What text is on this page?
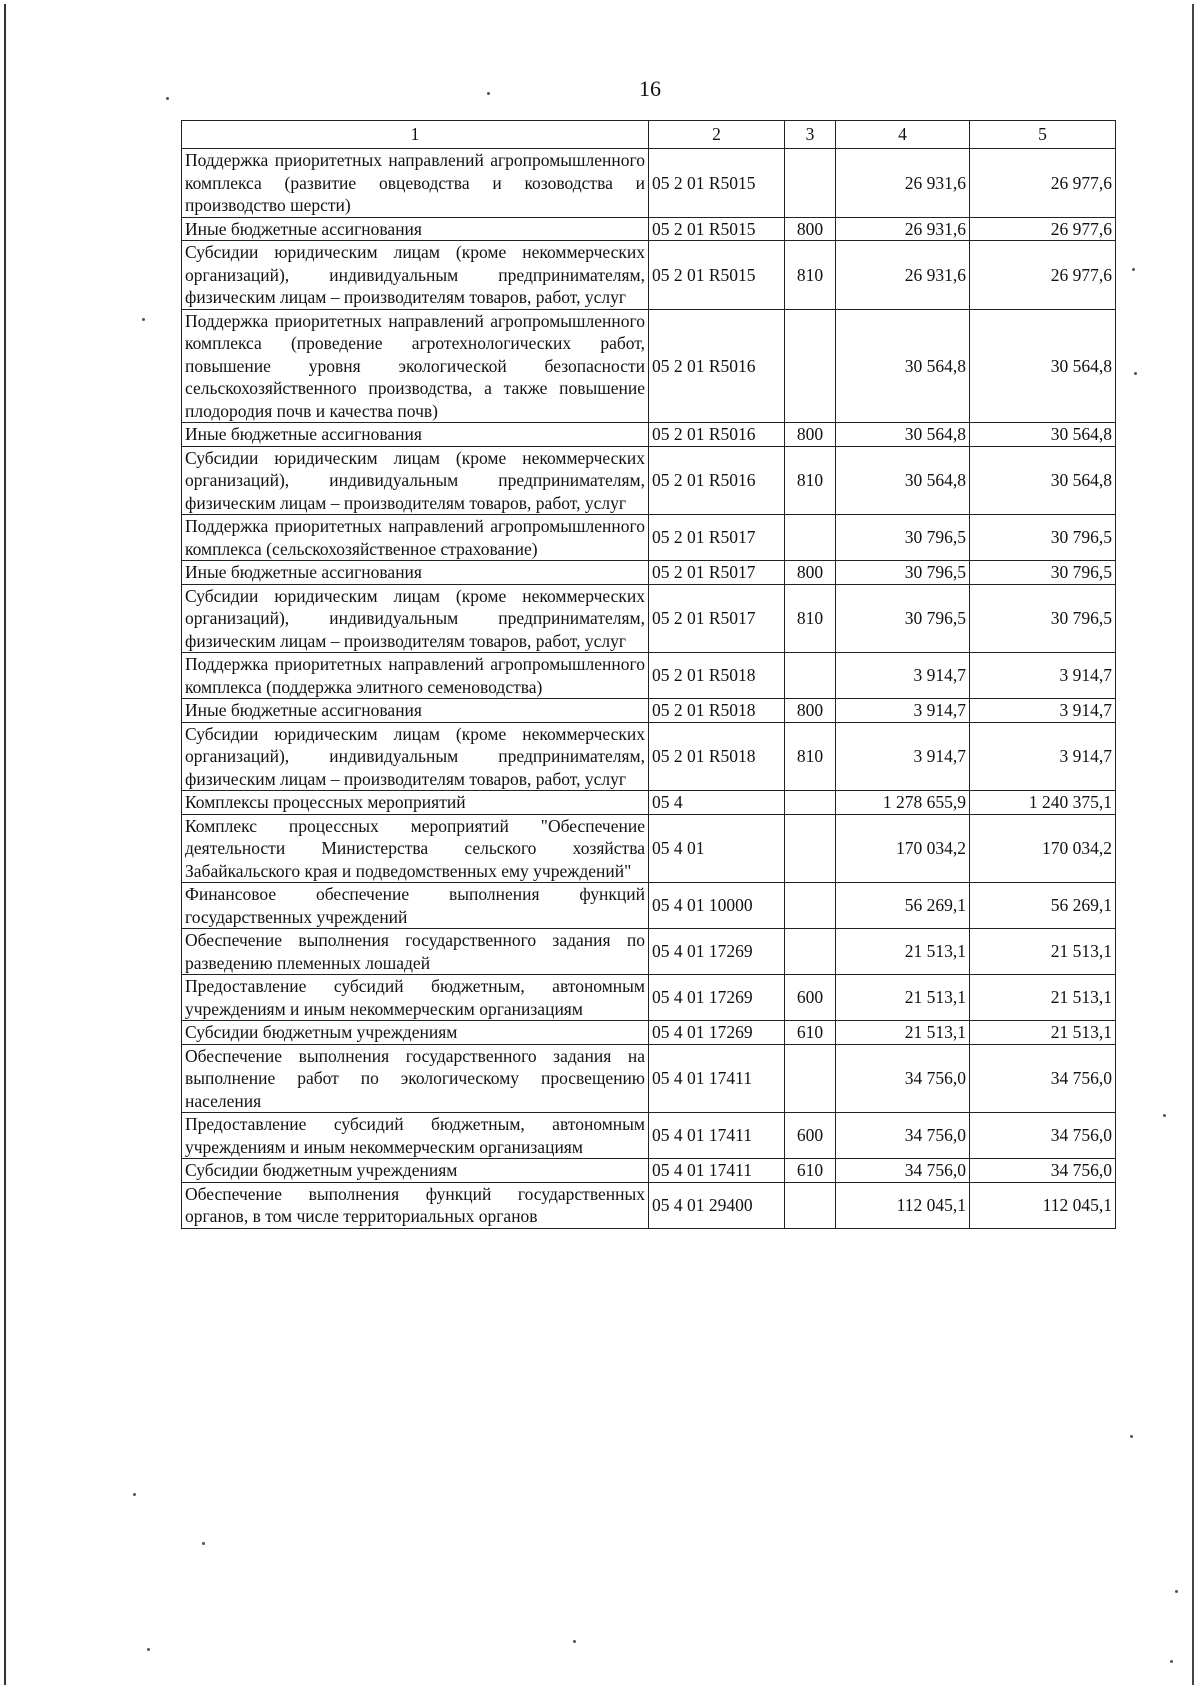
16
1	2	3	4	5
Поддержка приоритетных направлений агропромышленного комплекса (развитие овцеводства и козоводства и производство шерсти)	05 2 01 R5015		26 931,6	26 977,6
Иные бюджетные ассигнования	05 2 01 R5015	800	26 931,6	26 977,6
Субсидии юридическим лицам (кроме некоммерческих организаций), индивидуальным предпринимателям, физическим лицам – производителям товаров, работ, услуг	05 2 01 R5015	810	26 931,6	26 977,6
Поддержка приоритетных направлений агропромышленного комплекса (проведение агротехнологических работ, повышение уровня экологической безопасности сельскохозяйственного производства, а также повышение плодородия почв и качества почв)	05 2 01 R5016		30 564,8	30 564,8
Иные бюджетные ассигнования	05 2 01 R5016	800	30 564,8	30 564,8
Субсидии юридическим лицам (кроме некоммерческих организаций), индивидуальным предпринимателям, физическим лицам – производителям товаров, работ, услуг	05 2 01 R5016	810	30 564,8	30 564,8
Поддержка приоритетных направлений агропромышленного комплекса (сельскохозяйственное страхование)	05 2 01 R5017		30 796,5	30 796,5
Иные бюджетные ассигнования	05 2 01 R5017	800	30 796,5	30 796,5
Субсидии юридическим лицам (кроме некоммерческих организаций), индивидуальным предпринимателям, физическим лицам – производителям товаров, работ, услуг	05 2 01 R5017	810	30 796,5	30 796,5
Поддержка приоритетных направлений агропромышленного комплекса (поддержка элитного семеноводства)	05 2 01 R5018		3 914,7	3 914,7
Иные бюджетные ассигнования	05 2 01 R5018	800	3 914,7	3 914,7
Субсидии юридическим лицам (кроме некоммерческих организаций), индивидуальным предпринимателям, физическим лицам – производителям товаров, работ, услуг	05 2 01 R5018	810	3 914,7	3 914,7
Комплексы процессных мероприятий	05 4		1 278 655,9	1 240 375,1
Комплекс процессных мероприятий "Обеспечение деятельности Министерства сельского хозяйства Забайкальского края и подведомственных ему учреждений"	05 4 01		170 034,2	170 034,2
Финансовое обеспечение выполнения функций государственных учреждений	05 4 01 10000		56 269,1	56 269,1
Обеспечение выполнения государственного задания по разведению племенных лошадей	05 4 01 17269		21 513,1	21 513,1
Предоставление субсидий бюджетным, автономным учреждениям и иным некоммерческим организациям	05 4 01 17269	600	21 513,1	21 513,1
Субсидии бюджетным учреждениям	05 4 01 17269	610	21 513,1	21 513,1
Обеспечение выполнения государственного задания на выполнение работ по экологическому просвещению населения	05 4 01 17411		34 756,0	34 756,0
Предоставление субсидий бюджетным, автономным учреждениям и иным некоммерческим организациям	05 4 01 17411	600	34 756,0	34 756,0
Субсидии бюджетным учреждениям	05 4 01 17411	610	34 756,0	34 756,0
Обеспечение выполнения функций государственных органов, в том числе территориальных органов	05 4 01 29400		112 045,1	112 045,1
